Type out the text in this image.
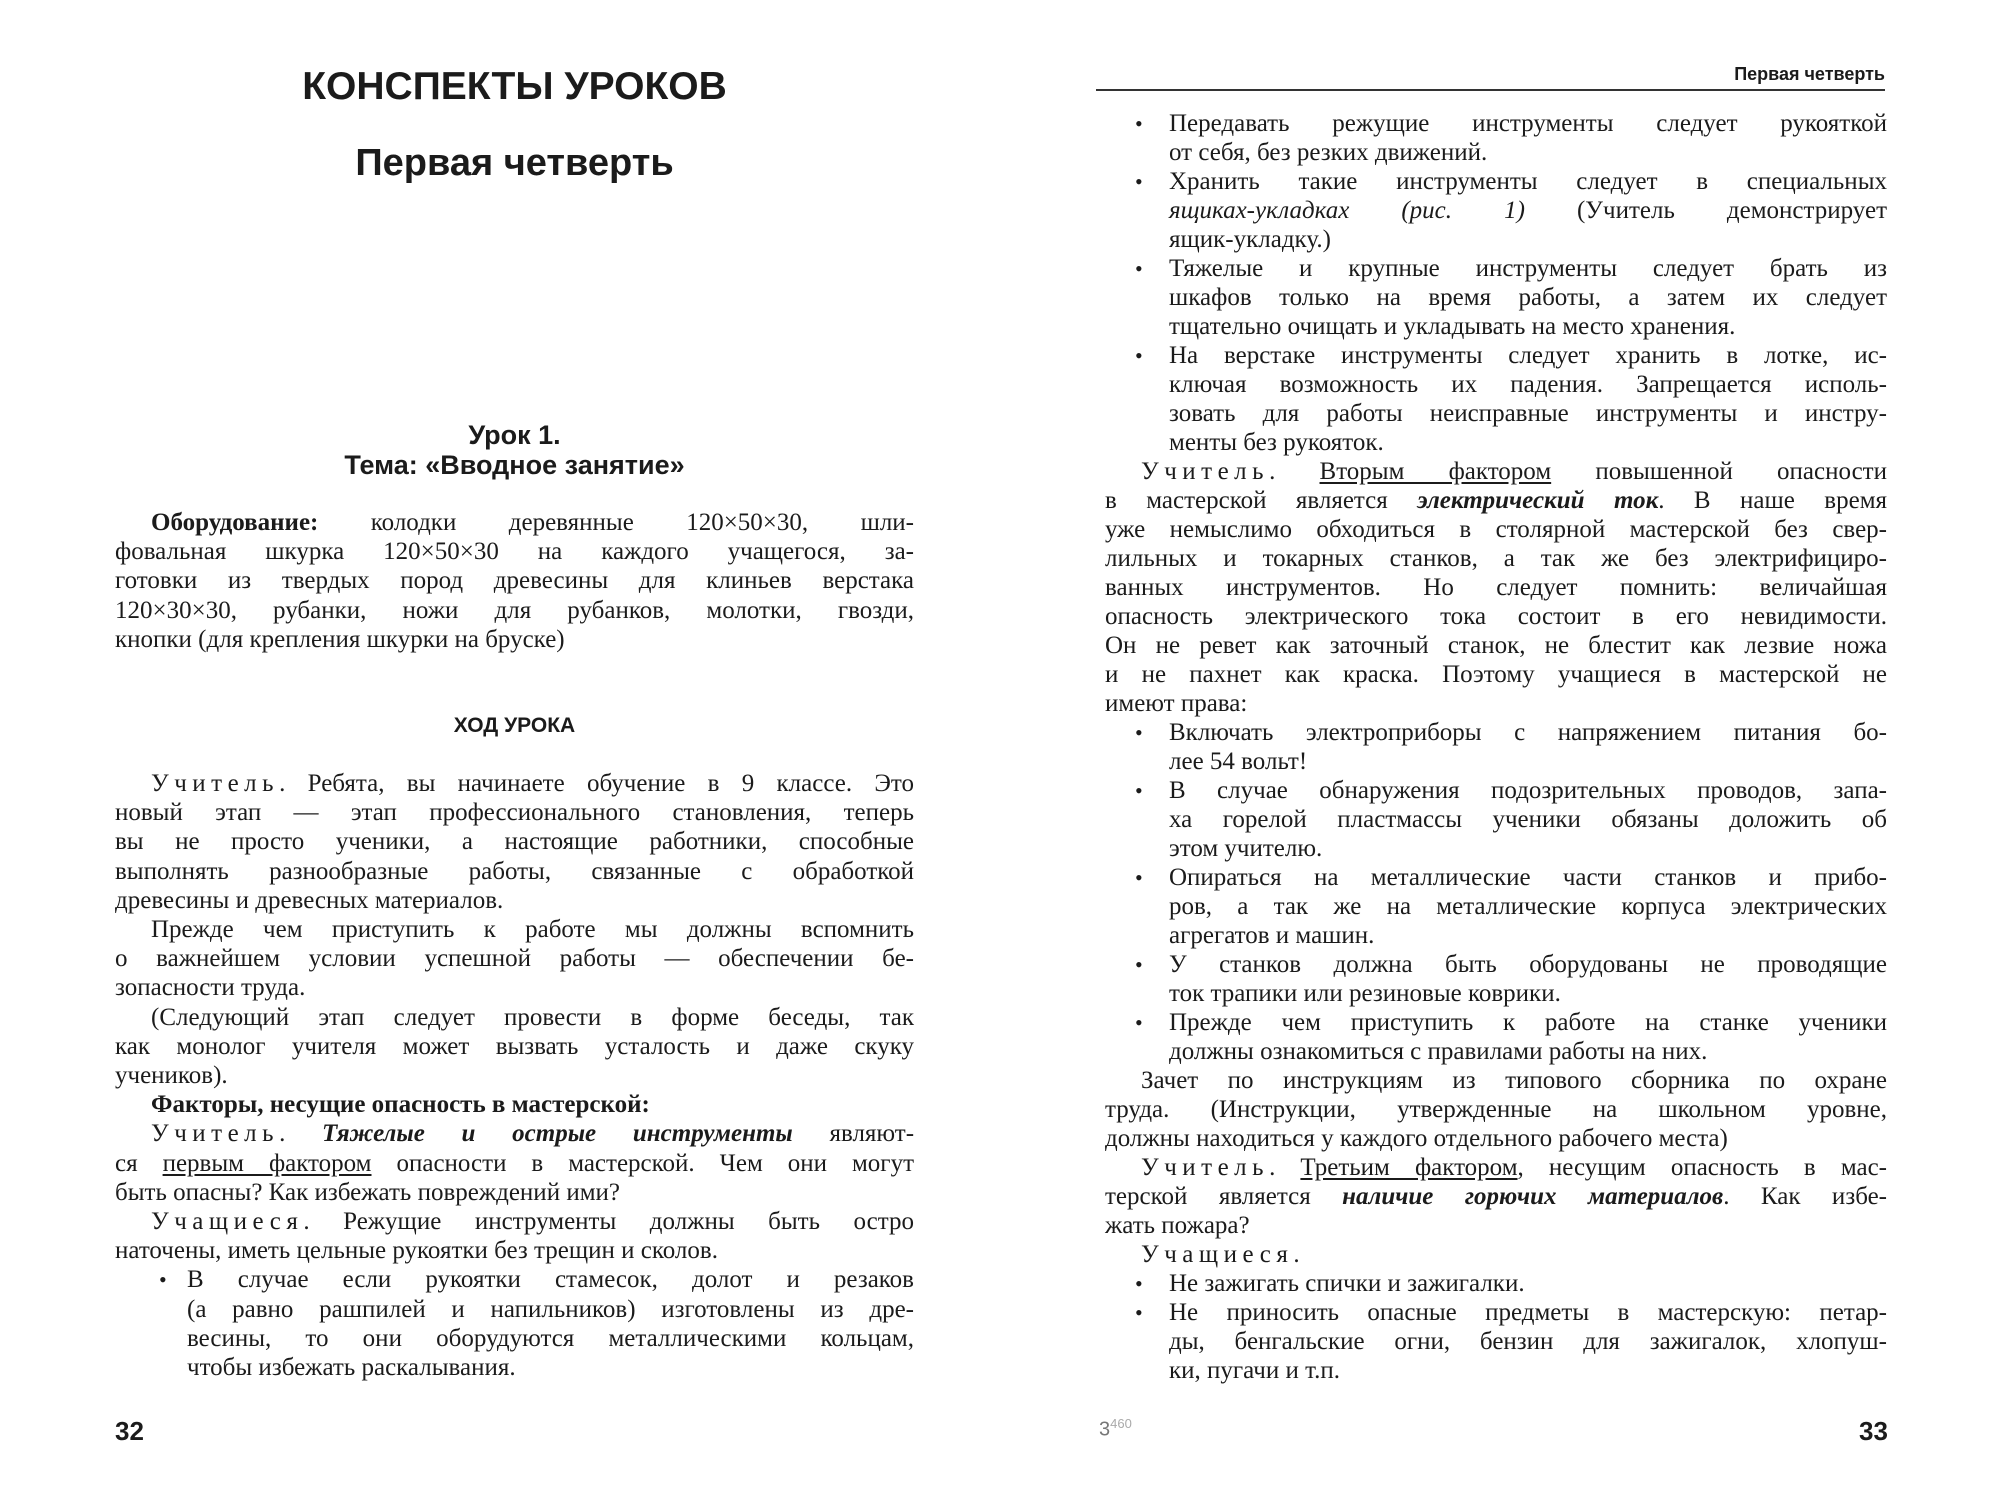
КОНСПЕКТЫ УРОКОВ
Первая четверть
Урок 1.
Тема: «Вводное занятие»
Оборудование: колодки деревянные 120×50×30, шли-
фовальная шкурка 120×50×30 на каждого учащегося, за-
готовки из твердых пород древесины для клиньев верстака
120×30×30, рубанки, ножи для рубанков, молотки, гвозди,
кнопки (для крепления шкурки на бруске)
ХОД УРОКА
Учитель. Ребята, вы начинаете обучение в 9 классе. Это
новый этап — этап профессионального становления, теперь
вы не просто ученики, а настоящие работники, способные
выполнять разнообразные работы, связанные с обработкой
древесины и древесных материалов.
Прежде чем приступить к работе мы должны вспомнить
о важнейшем условии успешной работы — обеспечении бе-
зопасности труда.
(Следующий этап следует провести в форме беседы, так
как монолог учителя может вызвать усталость и даже скуку
учеников).
Факторы, несущие опасность в мастерской:
Учитель. Тяжелые и острые инструменты являют-
ся первым фактором опасности в мастерской. Чем они могут
быть опасны? Как избежать повреждений ими?
Учащиеся. Режущие инструменты должны быть остро
наточены, иметь цельные рукоятки без трещин и сколов.
• В случае если рукоятки стамесок, долот и резаков
(а равно рашпилей и напильников) изготовлены из дре-
весины, то они оборудуются металлическими кольцам,
чтобы избежать раскалывания.
32
Первая четверть
• Передавать режущие инструменты следует рукояткой
от себя, без резких движений.
• Хранить такие инструменты следует в специальных
ящиках-укладках (рис. 1) (Учитель демонстрирует
ящик-укладку.)
• Тяжелые и крупные инструменты следует брать из
шкафов только на время работы, а затем их следует
тщательно очищать и укладывать на место хранения.
• На верстаке инструменты следует хранить в лотке, ис-
ключая возможность их падения. Запрещается исполь-
зовать для работы неисправные инструменты и инстру-
менты без рукояток.
Учитель. Вторым фактором повышенной опасности
в мастерской является электрический ток. В наше время
уже немыслимо обходиться в столярной мастерской без свер-
лильных и токарных станков, а так же без электрифициро-
ванных инструментов. Но следует помнить: величайшая
опасность электрического тока состоит в его невидимости.
Он не ревет как заточный станок, не блестит как лезвие ножа
и не пахнет как краска. Поэтому учащиеся в мастерской не
имеют права:
• Включать электроприборы с напряжением питания бо-
лее 54 вольт!
• В случае обнаружения подозрительных проводов, запа-
ха горелой пластмассы ученики обязаны доложить об
этом учителю.
• Опираться на металлические части станков и прибо-
ров, а так же на металлические корпуса электрических
агрегатов и машин.
• У станков должна быть оборудованы не проводящие
ток трапики или резиновые коврики.
• Прежде чем приступить к работе на станке ученики
должны ознакомиться с правилами работы на них.
Зачет по инструкциям из типового сборника по охране
труда. (Инструкции, утвержденные на школьном уровне,
должны находиться у каждого отдельного рабочего места)
Учитель. Третьим фактором, несущим опасность в мас-
терской является наличие горючих материалов. Как избе-
жать пожара?
Учащиеся.
• Не зажигать спички и зажигалки.
• Не приносить опасные предметы в мастерскую: петар-
ды, бенгальские огни, бензин для зажигалок, хлопуш-
ки, пугачи и т.п.
$3^{460}$	33
